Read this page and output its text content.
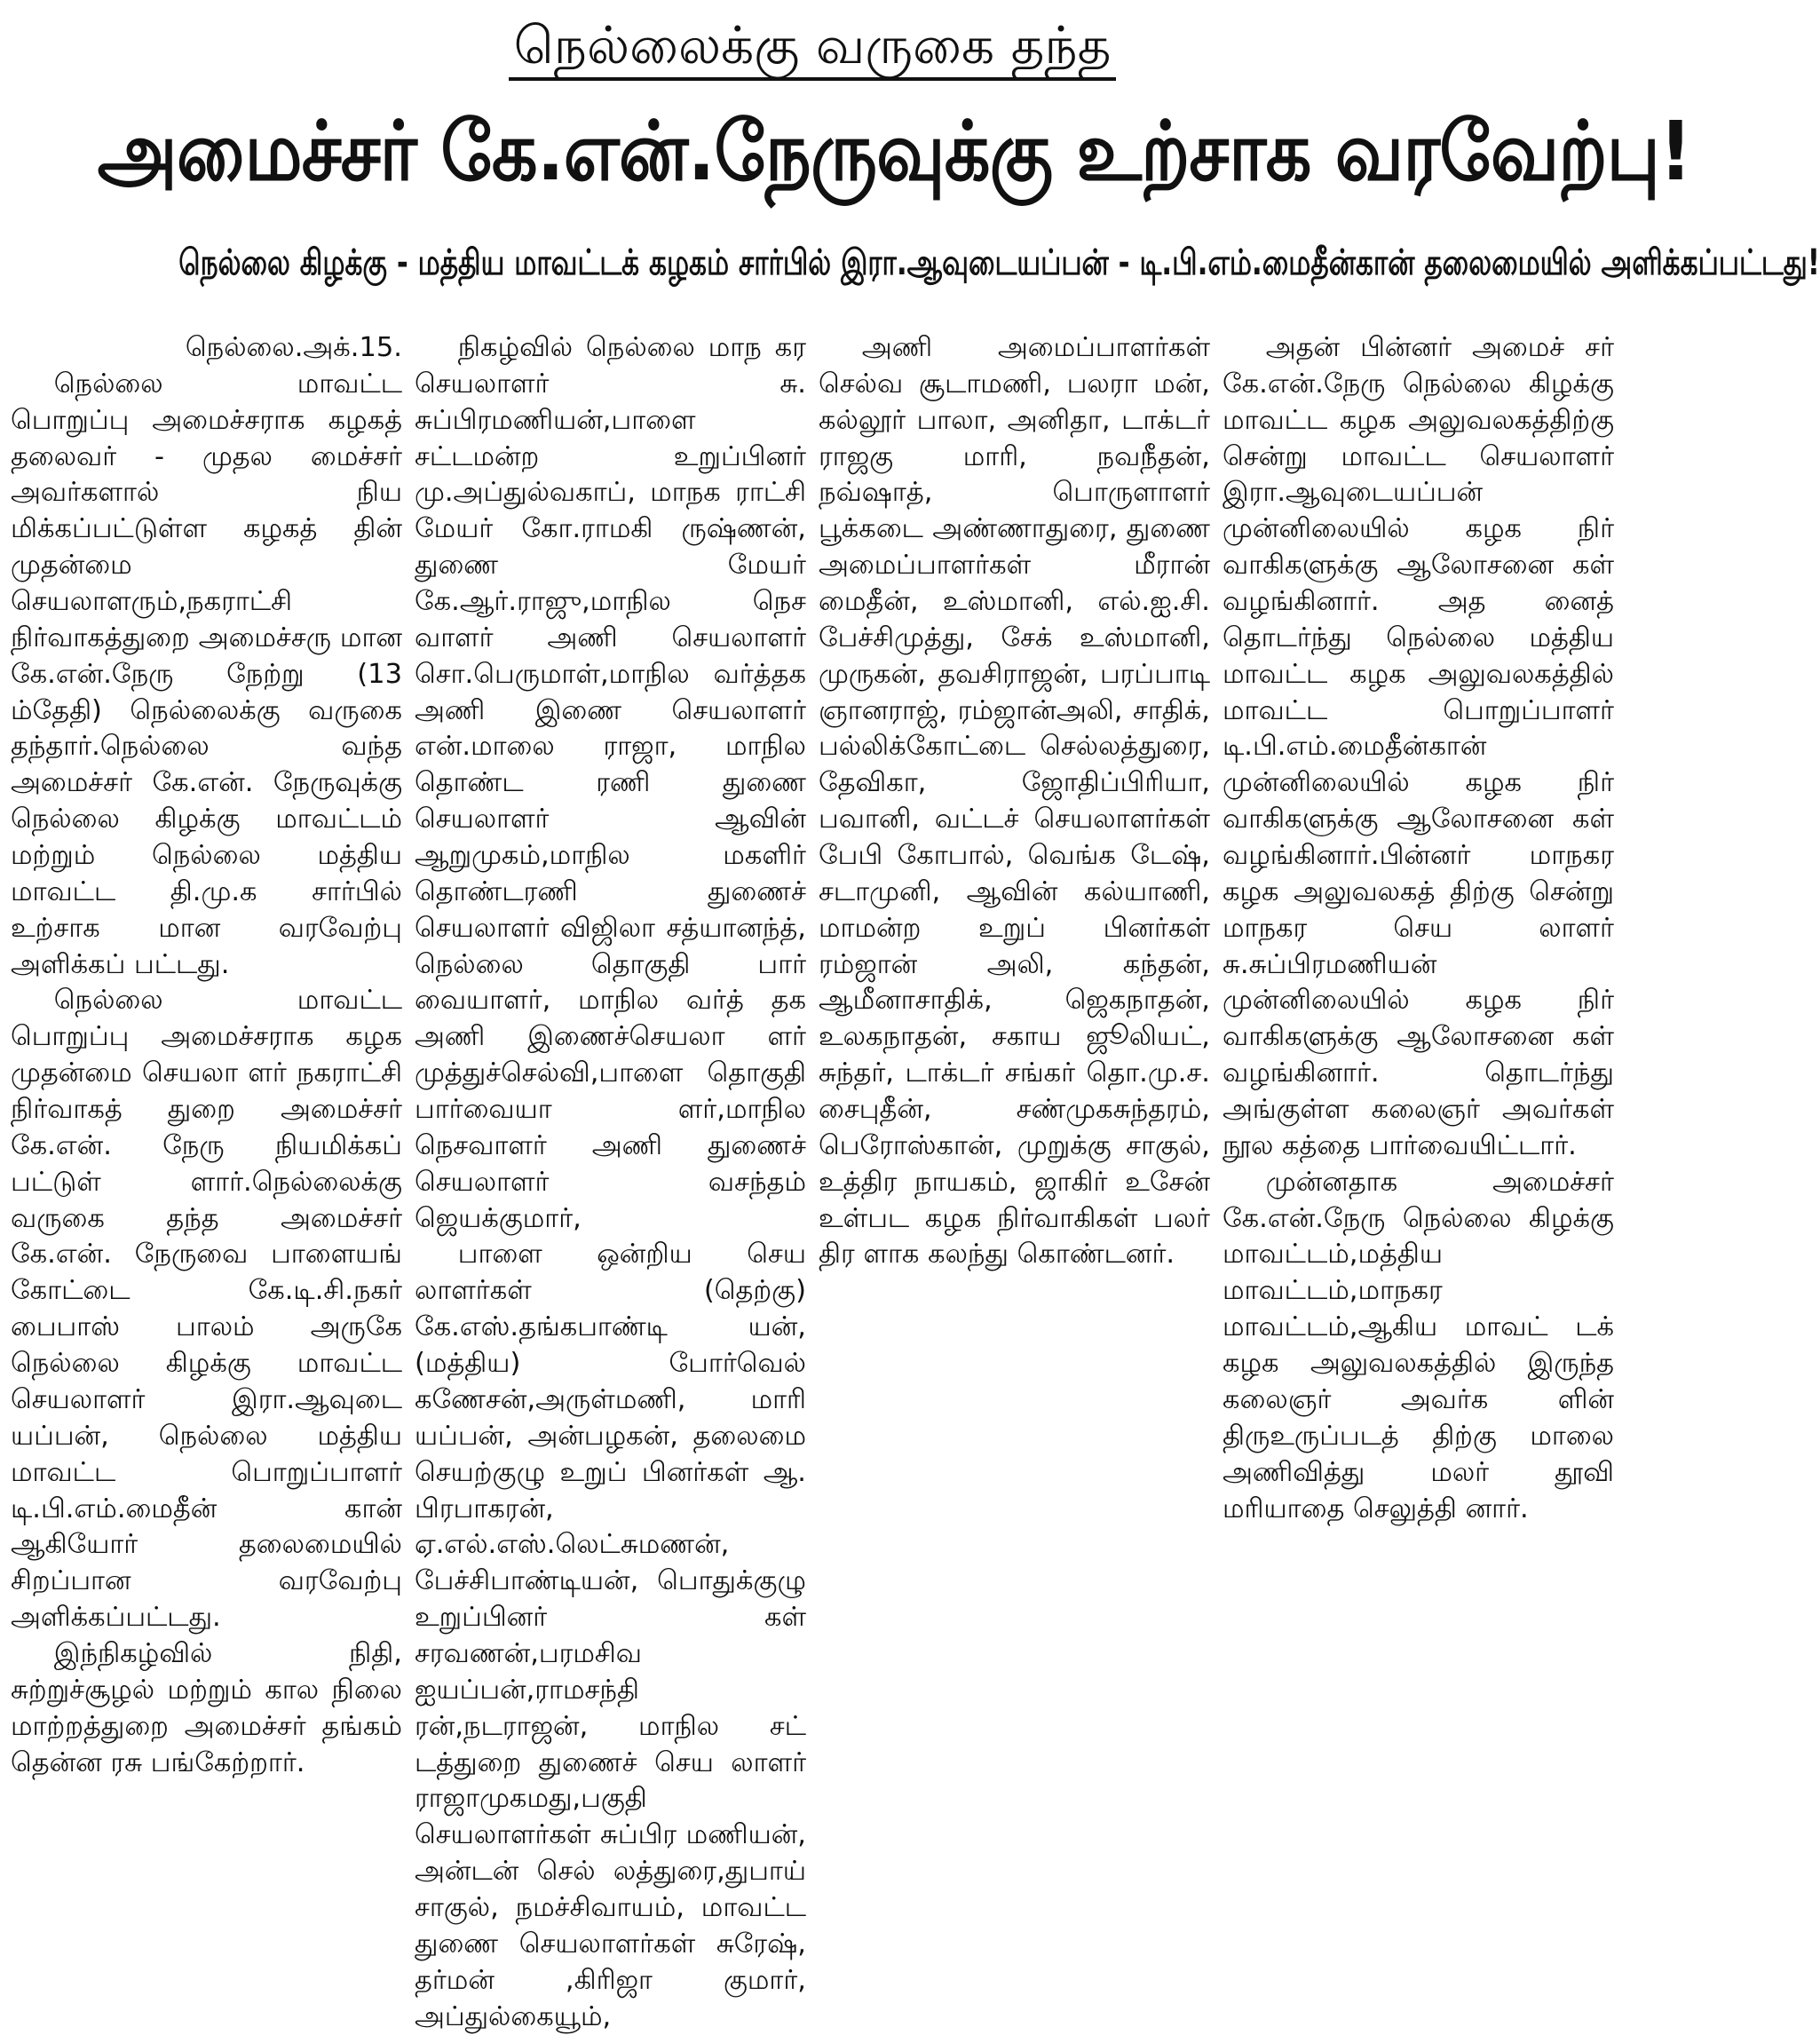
நெல்லைக்கு வருகை தந்த
அமைச்சர் கே.என்.நேருவுக்கு உற்சாக வரவேற்பு!
நெல்லை கிழக்கு - மத்திய மாவட்டக் கழகம் சார்பில் இரா.ஆவுடையப்பன் - டி.பி.எம்.மைதீன்கான் தலைமையில் அளிக்கப்பட்டது!

நெல்லை.அக்.15.

நெல்லை மாவட்ட பொறுப்பு அமைச்சராக கழகத் தலைவர் - முதல மைச்சர் அவர்களால் நிய மிக்கப்பட்டுள்ள கழகத் தின் முதன்மை செயலாளரும்,நகராட்சி நிர்வாகத்துறை அமைச்சரு மான கே.என்.நேரு நேற்று (13 ம்தேதி) நெல்லைக்கு வருகை தந்தார்.நெல்லை வந்த அமைச்சர் கே.என். நேருவுக்கு நெல்லை கிழக்கு மாவட்டம் மற்றும் நெல்லை மத்திய மாவட்ட தி.மு.க சார்பில் உற்சாக மான வரவேற்பு அளிக்கப் பட்டது.

நெல்லை மாவட்ட பொறுப்பு அமைச்சராக கழக முதன்மை செயலா ளர் நகராட்சி நிர்வாகத் துறை அமைச்சர் கே.என். நேரு நியமிக்கப் பட்டுள் ளார்.நெல்லைக்கு வருகை தந்த அமைச்சர் கே.என். நேருவை பாளையங் கோட்டை கே.டி.சி.நகர் பைபாஸ் பாலம் அருகே நெல்லை கிழக்கு மாவட்ட செயலாளர் இரா.ஆவுடை யப்பன், நெல்லை மத்திய மாவட்ட பொறுப்பாளர் டி.பி.எம்.மைதீன் கான் ஆகியோர் தலைமையில் சிறப்பான வரவேற்பு அளிக்கப்பட்டது.

இந்நிகழ்வில் நிதி, சுற்றுச்சூழல் மற்றும் கால நிலை மாற்றத்துறை அமைச்சர் தங்கம் தென்ன ரசு பங்கேற்றார்.

நிகழ்வில் நெல்லை மாந கர செயலாளர் சு. சுப்பிரமணியன்,பாளை சட்டமன்ற உறுப்பினர் மு.அப்துல்வகாப், மாநக ராட்சி மேயர் கோ.ராமகி ருஷ்ணன், துணை மேயர் கே.ஆர்.ராஜு,மாநில நெச வாளர் அணி செயலாளர் சொ.பெருமாள்,மாநில வர்த்தக அணி இணை செயலாளர் என்.மாலை ராஜா, மாநில தொண்ட ரணி துணை செயலாளர் ஆவின் ஆறுமுகம்,மாநில மகளிர் தொண்டரணி துணைச் செயலாளர் விஜிலா சத்யானந்த், நெல்லை தொகுதி பார் வையாளர், மாநில வர்த் தக அணி இணைச்செயலா ளர் முத்துச்செல்வி,பாளை தொகுதி பார்வையா ளர்,மாநில நெசவாளர் அணி துணைச் செயலாளர் வசந்தம் ஜெயக்குமார்,

பாளை ஒன்றிய செய லாளர்கள் (தெற்கு) கே.எஸ்.தங்கபாண்டி யன்,(மத்திய) போர்வெல் கணேசன்,அருள்மணி, மாரி யப்பன், அன்பழகன், தலைமை செயற்குழு உறுப் பினர்கள் ஆ. பிரபாகரன், ஏ.எல்.எஸ்.லெட்சுமணன், பேச்சிபாண்டியன், பொதுக்குழு உறுப்பினர் கள் சரவணன்,பரமசிவ ஐயப்பன்,ராமசந்தி ரன்,நடராஜன், மாநில சட் டத்துறை துணைச் செய லாளர் ராஜாமுகமது,பகுதி செயலாளர்கள் சுப்பிர மணியன், அன்டன் செல் லத்துரை,துபாய் சாகுல், நமச்சிவாயம், மாவட்ட துணை செயலாளர்கள் சுரேஷ், தர்மன் ,கிரிஜா குமார், அப்துல்கையூம்,

அணி அமைப்பாளர்கள் செல்வ சூடாமணி, பலரா மன், கல்லூர் பாலா, அனிதா, டாக்டர் ராஜகு மாரி, நவநீதன், நவ்ஷாத், பொருளாளர் பூக்கடை அண்ணாதுரை, துணை அமைப்பாளர்கள் மீரான் மைதீன், உஸ்மானி, எல்.ஐ.சி. பேச்சிமுத்து, சேக் உஸ்மானி, முருகன், தவசிராஜன், பரப்பாடி ஞானராஜ், ரம்ஜான்அலி, சாதிக், பல்லிக்கோட்டை செல்லத்துரை, தேவிகா, ஜோதிப்பிரியா, பவானி, வட்டச் செயலாளர்கள் பேபி கோபால், வெங்க டேஷ், சடாமுனி, ஆவின் கல்யாணி, மாமன்ற உறுப் பினர்கள் ரம்ஜான் அலி, கந்தன், ஆமீனாசாதிக், ஜெகநாதன், உலகநாதன், சகாய ஜூலியட், சுந்தர், டாக்டர் சங்கர் தொ.மு.ச. சைபுதீன், சண்முகசுந்தரம், பெரோஸ்கான், முறுக்கு சாகுல், உத்திர நாயகம், ஜாகிர் உசேன் உள்பட கழக நிர்வாகிகள் பலர் திர ளாக கலந்து கொண்டனர்.

அதன் பின்னர் அமைச் சர் கே.என்.நேரு நெல்லை கிழக்கு மாவட்ட கழக அலுவலகத்திற்கு சென்று மாவட்ட செயலாளர் இரா.ஆவுடையப்பன் முன்னிலையில் கழக நிர் வாகிகளுக்கு ஆலோசனை கள் வழங்கினார். அத னைத் தொடர்ந்து நெல்லை மத்திய மாவட்ட கழக அலுவலகத்தில் மாவட்ட பொறுப்பாளர் டி.பி.எம்.மைதீன்கான் முன்னிலையில் கழக நிர் வாகிகளுக்கு ஆலோசனை கள் வழங்கினார்.பின்னர் மாநகர கழக அலுவலகத் திற்கு சென்று மாநகர செய லாளர் சு.சுப்பிரமணியன் முன்னிலையில் கழக நிர் வாகிகளுக்கு ஆலோசனை கள் வழங்கினார். தொடர்ந்து அங்குள்ள கலைஞர் அவர்கள் நூல கத்தை பார்வையிட்டார்.

முன்னதாக அமைச்சர் கே.என்.நேரு நெல்லை கிழக்கு மாவட்டம்,மத்திய மாவட்டம்,மாநகர மாவட்டம்,ஆகிய மாவட் டக் கழக அலுவலகத்தில் இருந்த கலைஞர் அவர்க ளின் திருஉருப்படத் திற்கு மாலை அணிவித்து மலர் தூவி மரியாதை செலுத்தி னார்.
